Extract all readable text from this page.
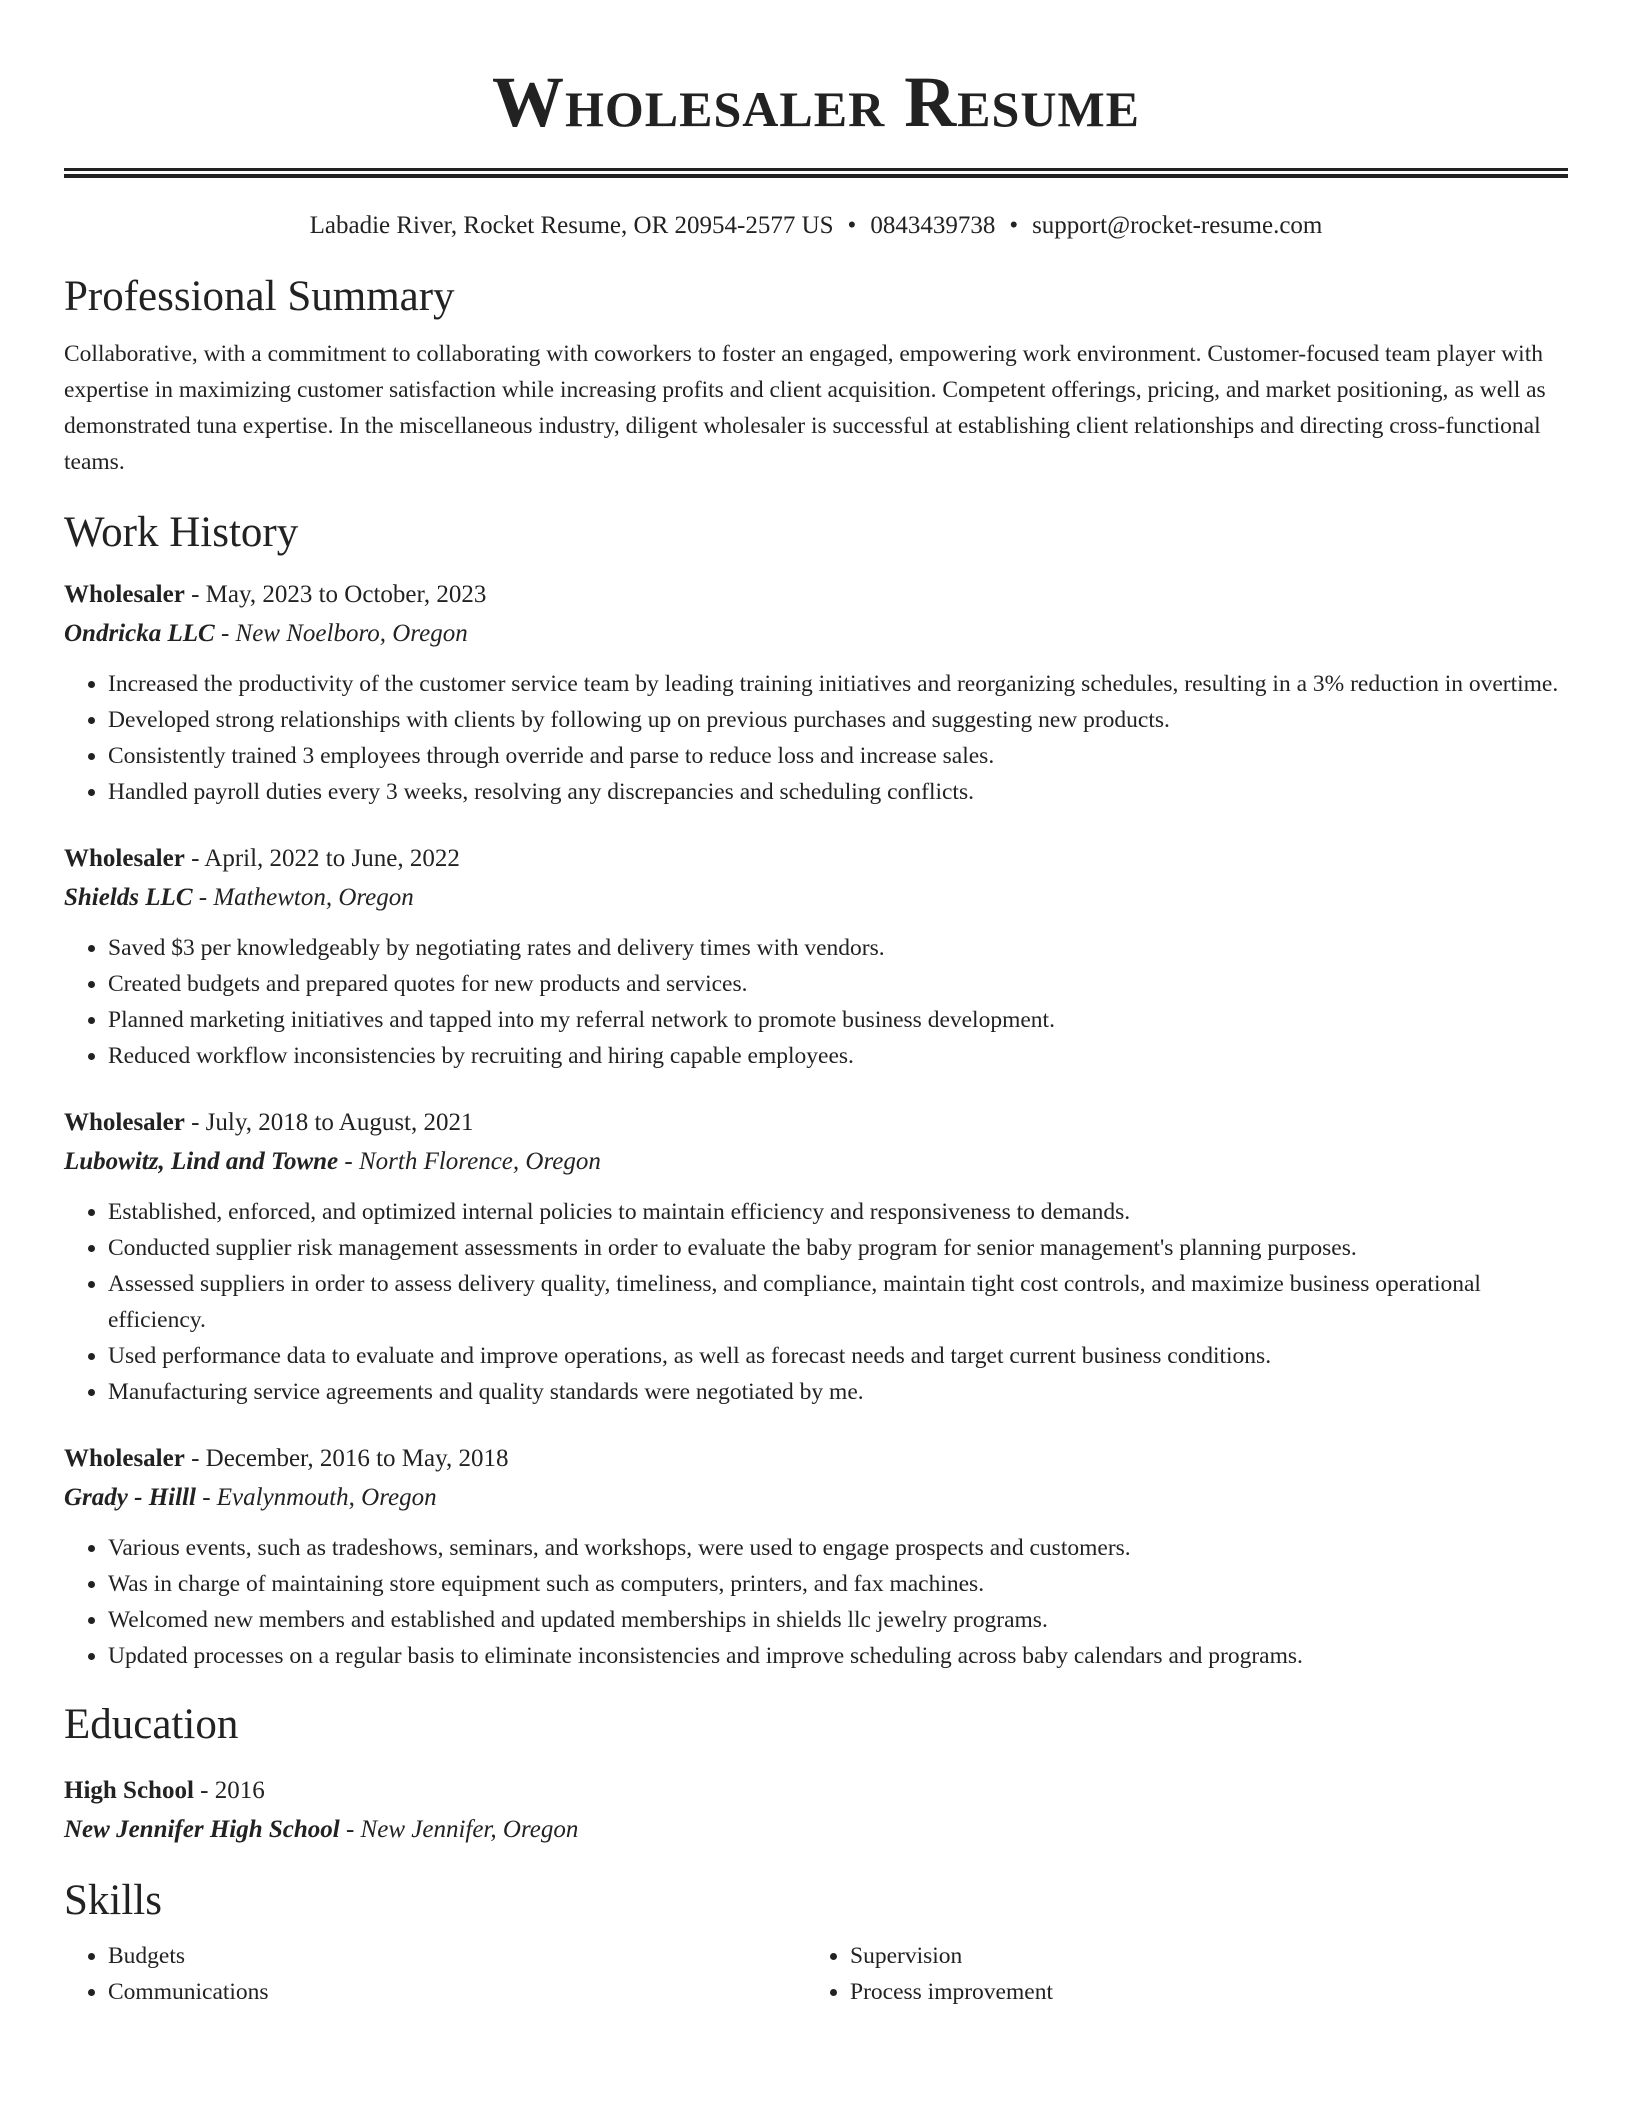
Wholesaler Resume
Labadie River, Rocket Resume, OR 20954-2577 US • 0843439738 • support@rocket-resume.com
Professional Summary

Collaborative, with a commitment to collaborating with coworkers to foster an engaged, empowering work environment. Customer-focused team player with expertise in maximizing customer satisfaction while increasing profits and client acquisition. Competent offerings, pricing, and market positioning, as well as demonstrated tuna expertise. In the miscellaneous industry, diligent wholesaler is successful at establishing client relationships and directing cross-functional teams.

Work History
Wholesaler - May, 2023 to October, 2023
Ondricka LLC - New Noelboro, Oregon
• Increased the productivity of the customer service team by leading training initiatives and reorganizing schedules, resulting in a 3% reduction in overtime.
• Developed strong relationships with clients by following up on previous purchases and suggesting new products.
• Consistently trained 3 employees through override and parse to reduce loss and increase sales.
• Handled payroll duties every 3 weeks, resolving any discrepancies and scheduling conflicts.
Wholesaler - April, 2022 to June, 2022
Shields LLC - Mathewton, Oregon
• Saved $3 per knowledgeably by negotiating rates and delivery times with vendors.
• Created budgets and prepared quotes for new products and services.
• Planned marketing initiatives and tapped into my referral network to promote business development.
• Reduced workflow inconsistencies by recruiting and hiring capable employees.
Wholesaler - July, 2018 to August, 2021
Lubowitz, Lind and Towne - North Florence, Oregon
• Established, enforced, and optimized internal policies to maintain efficiency and responsiveness to demands.
• Conducted supplier risk management assessments in order to evaluate the baby program for senior management's planning purposes.
• Assessed suppliers in order to assess delivery quality, timeliness, and compliance, maintain tight cost controls, and maximize business operational efficiency.
• Used performance data to evaluate and improve operations, as well as forecast needs and target current business conditions.
• Manufacturing service agreements and quality standards were negotiated by me.
Wholesaler - December, 2016 to May, 2018
Grady - Hilll - Evalynmouth, Oregon
• Various events, such as tradeshows, seminars, and workshops, were used to engage prospects and customers.
• Was in charge of maintaining store equipment such as computers, printers, and fax machines.
• Welcomed new members and established and updated memberships in shields llc jewelry programs.
• Updated processes on a regular basis to eliminate inconsistencies and improve scheduling across baby calendars and programs.
Education
High School - 2016
New Jennifer High School - New Jennifer, Oregon
Skills
• Budgets
• Communications
• Supervision
• Process improvement
